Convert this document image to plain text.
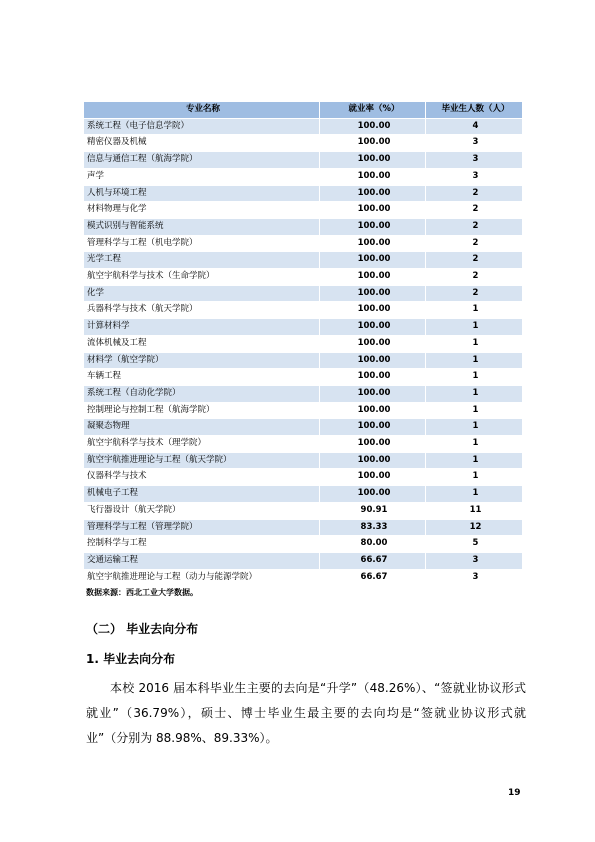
专业名称	就业率（%）	毕业生人数（人）
系统工程（电子信息学院）	100.00	4
精密仪器及机械	100.00	3
信息与通信工程（航海学院）	100.00	3
声学	100.00	3
人机与环境工程	100.00	2
材料物理与化学	100.00	2
模式识别与智能系统	100.00	2
管理科学与工程（机电学院）	100.00	2
光学工程	100.00	2
航空宇航科学与技术（生命学院）	100.00	2
化学	100.00	2
兵器科学与技术（航天学院）	100.00	1
计算材料学	100.00	1
流体机械及工程	100.00	1
材料学（航空学院）	100.00	1
车辆工程	100.00	1
系统工程（自动化学院）	100.00	1
控制理论与控制工程（航海学院）	100.00	1
凝聚态物理	100.00	1
航空宇航科学与技术（理学院）	100.00	1
航空宇航推进理论与工程（航天学院）	100.00	1
仪器科学与技术	100.00	1
机械电子工程	100.00	1
飞行器设计（航天学院）	90.91	11
管理科学与工程（管理学院）	83.33	12
控制科学与工程	80.00	5
交通运输工程	66.67	3
航空宇航推进理论与工程（动力与能源学院）	66.67	3
数据来源：西北工业大学数据。
（二） 毕业去向分布
1. 毕业去向分布
本校 2016 届本科毕业生主要的去向是“升学”（48.26%）、“签就业协议形式就业”（36.79%），硕士、博士毕业生最主要的去向均是“签就业协议形式就业”（分别为 88.98%、89.33%）。
19
